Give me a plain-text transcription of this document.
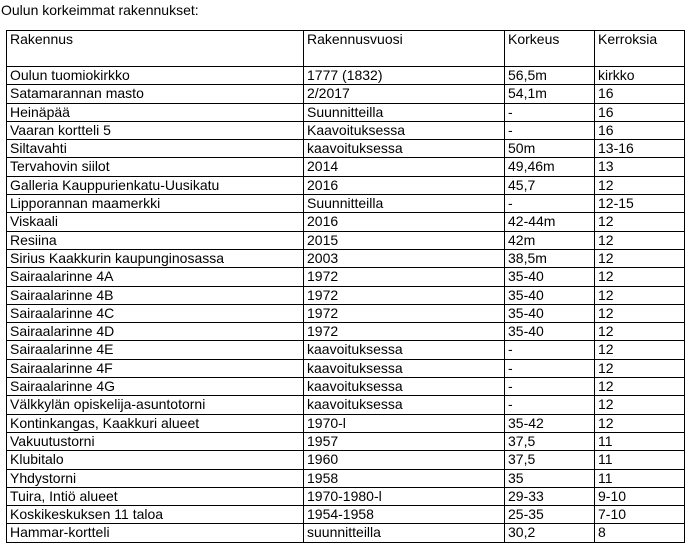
Oulun korkeimmat rakennukset:
Rakennus	Rakennusvuosi	Korkeus	Kerroksia
Oulun tuomiokirkko	1777 (1832)	56,5m	kirkko
Satamarannan masto	2/2017	54,1m	16
Heinäpää	Suunnitteilla	-	16
Vaaran kortteli 5	Kaavoituksessa	-	16
Siltavahti	kaavoituksessa	50m	13-16
Tervahovin siilot	2014	49,46m	13
Galleria Kauppurienkatu-Uusikatu	2016	45,7	12
Lipporannan maamerkki	Suunnitteilla	-	12-15
Viskaali	2016	42-44m	12
Resiina	2015	42m	12
Sirius Kaakkurin kaupunginosassa	2003	38,5m	12
Sairaalarinne 4A	1972	35-40	12
Sairaalarinne 4B	1972	35-40	12
Sairaalarinne 4C	1972	35-40	12
Sairaalarinne 4D	1972	35-40	12
Sairaalarinne 4E	kaavoituksessa	-	12
Sairaalarinne 4F	kaavoituksessa	-	12
Sairaalarinne 4G	kaavoituksessa	-	12
Välkkylän opiskelija-asuntotorni	kaavoituksessa	-	12
Kontinkangas, Kaakkuri alueet	1970-l	35-42	12
Vakuutustorni	1957	37,5	11
Klubitalo	1960	37,5	11
Yhdystorni	1958	35	11
Tuira, Intiö alueet	1970-1980-l	29-33	9-10
Koskikeskuksen 11 taloa	1954-1958	25-35	7-10
Hammar-kortteli	suunnitteilla	30,2	8
